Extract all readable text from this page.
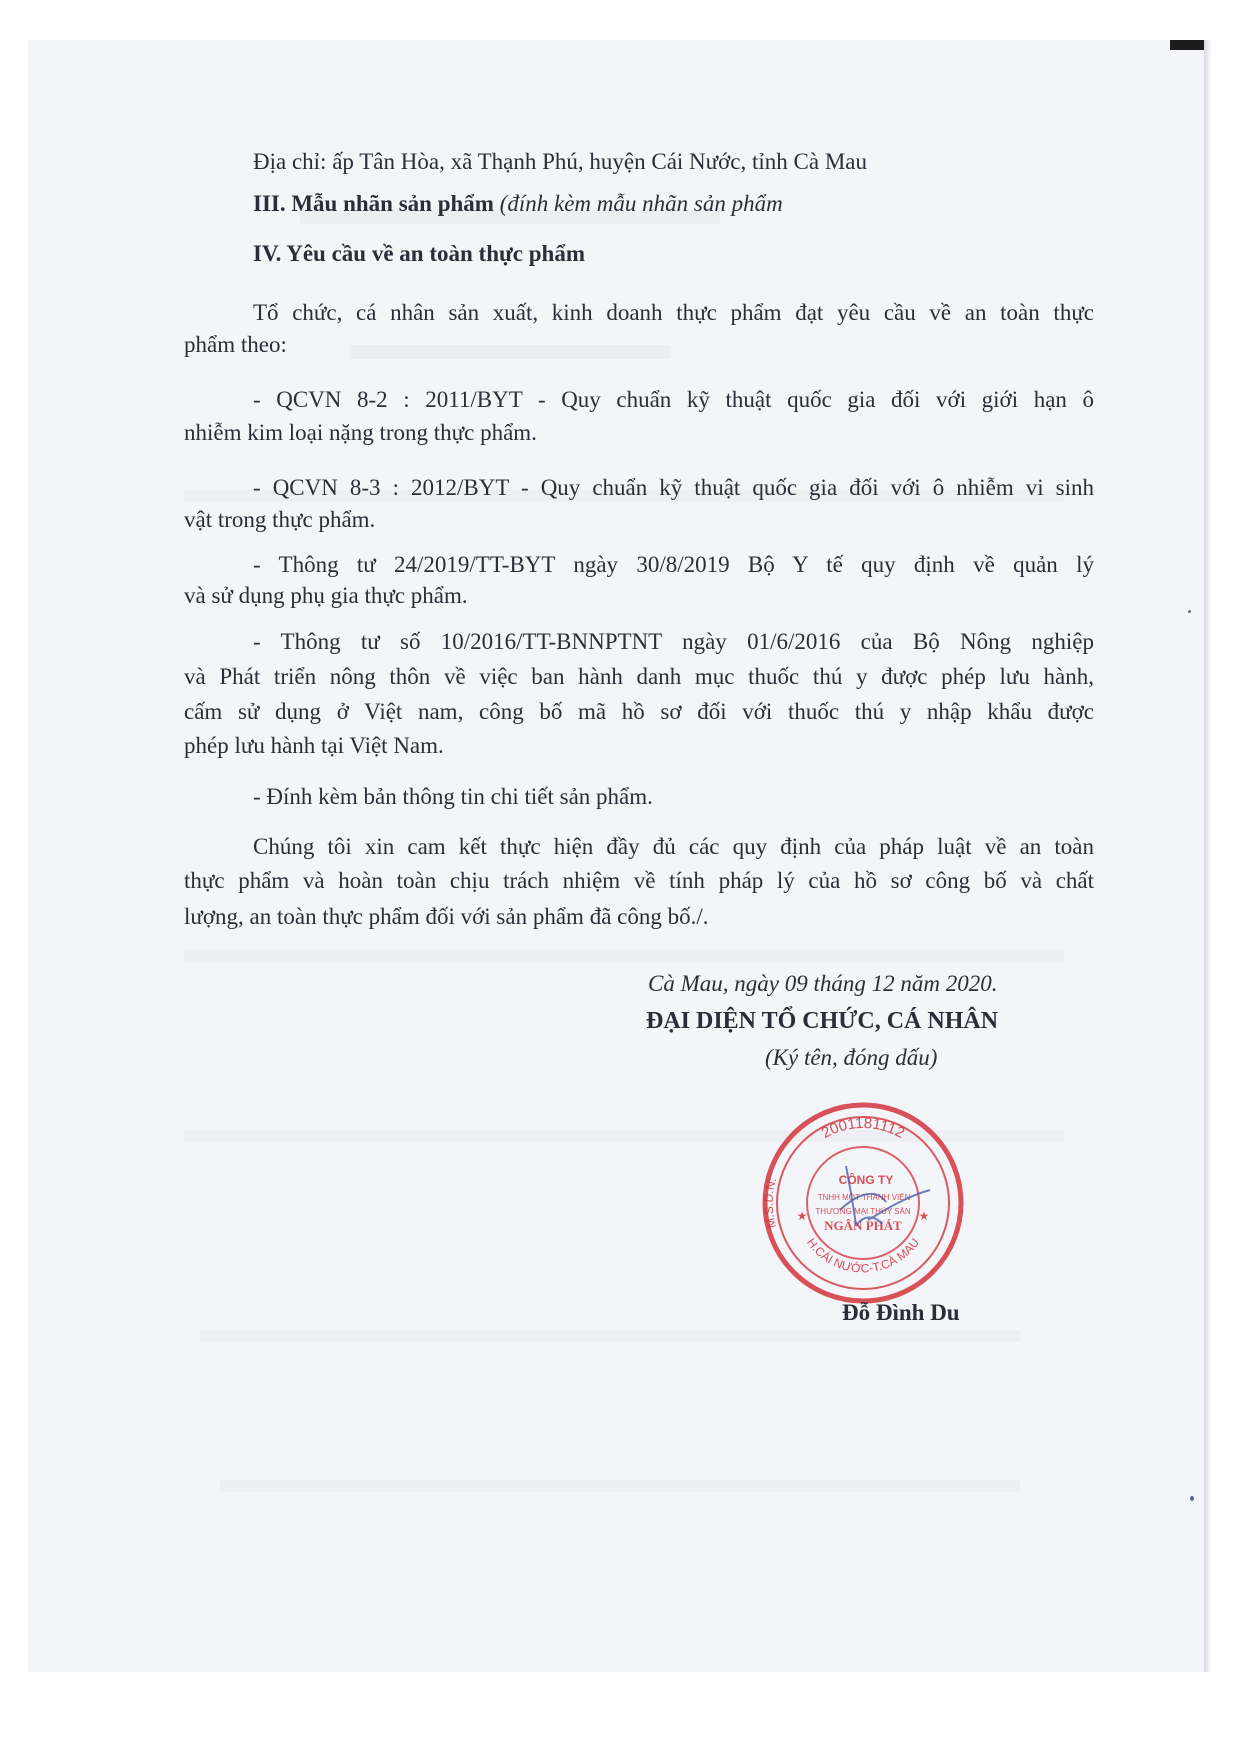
Địa chỉ: ấp Tân Hòa, xã Thạnh Phú, huyện Cái Nước, tỉnh Cà Mau
III. Mẫu nhãn sản phẩm (đính kèm mẫu nhãn sản phẩm
IV. Yêu cầu về an toàn thực phẩm
Tổ chức, cá nhân sản xuất, kinh doanh thực phẩm đạt yêu cầu về an toàn thực
phẩm theo:
- QCVN 8-2 : 2011/BYT - Quy chuẩn kỹ thuật quốc gia đối với giới hạn ô
nhiễm kim loại nặng trong thực phẩm.
- QCVN 8-3 : 2012/BYT - Quy chuẩn kỹ thuật quốc gia đối với ô nhiễm vi sinh
vật trong thực phẩm.
- Thông tư 24/2019/TT-BYT ngày 30/8/2019 Bộ Y tế quy định về quản lý
và sử dụng phụ gia thực phẩm.
- Thông tư số 10/2016/TT-BNNPTNT ngày 01/6/2016 của Bộ Nông nghiệp
và Phát triển nông thôn về việc ban hành danh mục thuốc thú y được phép lưu hành,
cấm sử dụng ở Việt nam, công bố mã hồ sơ đối với thuốc thú y nhập khẩu được
phép lưu hành tại Việt Nam.
- Đính kèm bản thông tin chi tiết sản phẩm.
Chúng tôi xin cam kết thực hiện đầy đủ các quy định của pháp luật về an toàn
thực phẩm và hoàn toàn chịu trách nhiệm về tính pháp lý của hồ sơ công bố và chất
lượng, an toàn thực phẩm đối với sản phẩm đã công bố./.
Cà Mau, ngày 09 tháng 12 năm 2020.
ĐẠI DIỆN TỔ CHỨC, CÁ NHÂN
(Ký tên, đóng dấu)
2001181112
M.S.D.N:
H.CÁI NƯỚC-T.CÀ MAU
CÔNG TY
TNHH MỘT THÀNH VIÊN
THƯƠNG MẠI THỦY SẢN
NGÂN PHÁT
★	★
Đỗ Đình Du
